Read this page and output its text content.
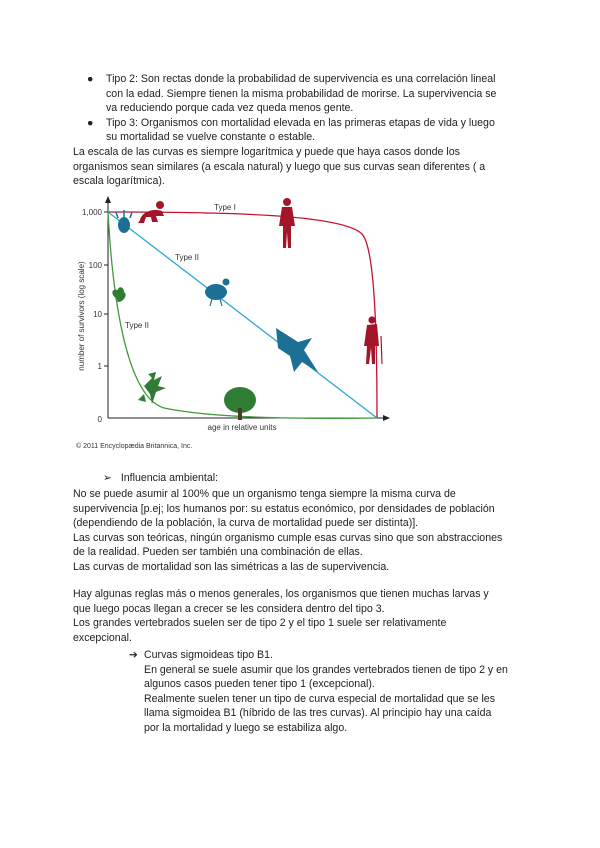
● Tipo 2: Son rectas donde la probabilidad de supervivencia es una correlación lineal
con la edad. Siempre tienen la misma probabilidad de morirse. La supervivencia se
va reduciendo porque cada vez queda menos gente.
● Tipo 3: Organismos con mortalidad elevada en las primeras etapas de vida y luego
su mortalidad se vuelve constante o estable.
La escala de las curvas es siempre logarítmica y puede que haya casos donde los
organismos sean similares (a escala natural) y luego que sus curvas sean diferentes ( a
escala logarítmica).
1,000
100
10
1
0
number of survivors (log scale)
age in relative units
Type I
Type II
Type II
© 2011 Encyclopædia Britannica, Inc.
➢ Influencia ambiental:
No se puede asumir al 100% que un organismo tenga siempre la misma curva de
supervivencia [p.ej; los humanos por: su estatus económico, por densidades de población
(dependiendo de la población, la curva de mortalidad puede ser distinta)].
Las curvas son teóricas, ningún organismo cumple esas curvas sino que son abstracciones
de la realidad. Pueden ser también una combinación de ellas.
Las curvas de mortalidad son las simétricas a las de supervivencia.
Hay algunas reglas más o menos generales, los organismos que tienen muchas larvas y
que luego pocas llegan a crecer se les considera dentro del tipo 3.
Los grandes vertebrados suelen ser de tipo 2 y el tipo 1 suele ser relativamente
excepcional.
➔ Curvas sigmoideas tipo B1.
En general se suele asumir que los grandes vertebrados tienen de tipo 2 y en
algunos casos pueden tener tipo 1 (excepcional).
Realmente suelen tener un tipo de curva especial de mortalidad que se les
llama sigmoidea B1 (híbrido de las tres curvas). Al principio hay una caída
por la mortalidad y luego se estabiliza algo.
